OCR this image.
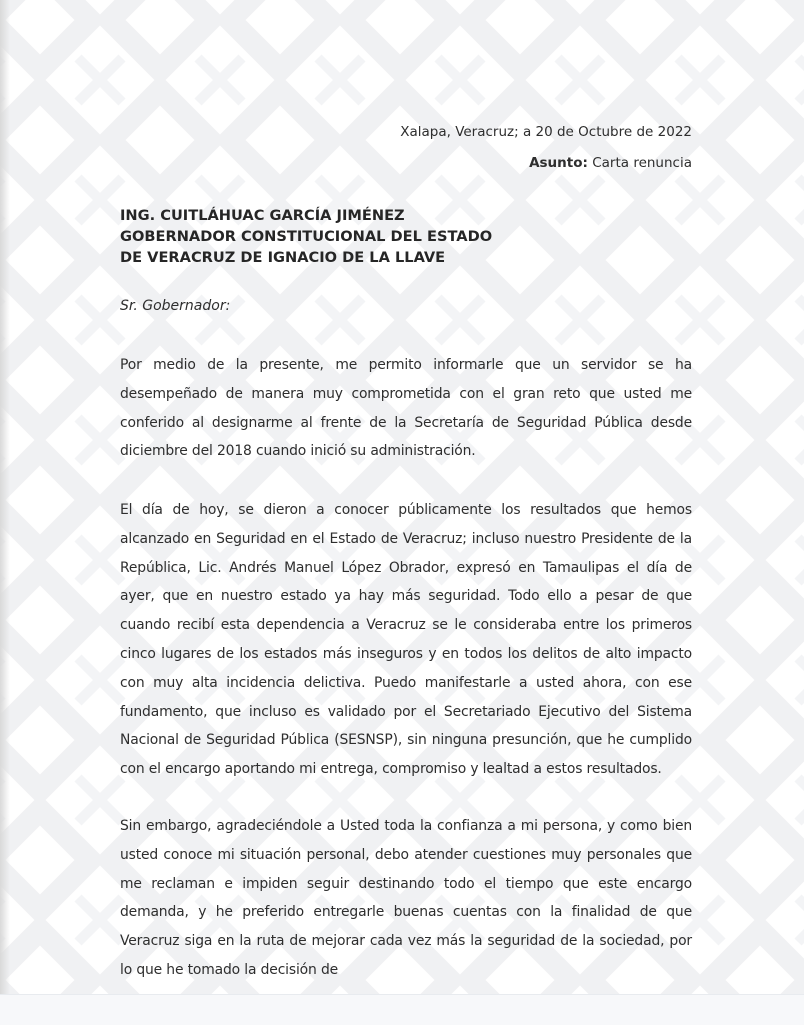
Xalapa, Veracruz; a 20 de Octubre de 2022
Asunto: Carta renuncia
ING. CUITLÁHUAC GARCÍA JIMÉNEZ
GOBERNADOR CONSTITUCIONAL DEL ESTADO
DE VERACRUZ DE IGNACIO DE LA LLAVE
Sr. Gobernador:

Por medio de la presente, me permito informarle que un servidor se ha desempeñado de manera muy comprometida con el gran reto que usted me conferido al designarme al frente de la Secretaría de Seguridad Pública desde diciembre del 2018 cuando inició su administración.

El día de hoy, se dieron a conocer públicamente los resultados que hemos alcanzado en Seguridad en el Estado de Veracruz; incluso nuestro Presidente de la República, Lic. Andrés Manuel López Obrador, expresó en Tamaulipas el día de ayer, que en nuestro estado ya hay más seguridad. Todo ello a pesar de que cuando recibí esta dependencia a Veracruz se le consideraba entre los primeros cinco lugares de los estados más inseguros y en todos los delitos de alto impacto con muy alta incidencia delictiva. Puedo manifestarle a usted ahora, con ese fundamento, que incluso es validado por el Secretariado Ejecutivo del Sistema Nacional de Seguridad Pública (SESNSP), sin ninguna presunción, que he cumplido con el encargo aportando mi entrega, compromiso y lealtad a estos resultados.

Sin embargo, agradeciéndole a Usted toda la confianza a mi persona, y como bien usted conoce mi situación personal, debo atender cuestiones muy personales que me reclaman e impiden seguir destinando todo el tiempo que este encargo demanda, y he preferido entregarle buenas cuentas con la finalidad de que Veracruz siga en la ruta de mejorar cada vez más la seguridad de la sociedad, por lo que he tomado la decisión de
